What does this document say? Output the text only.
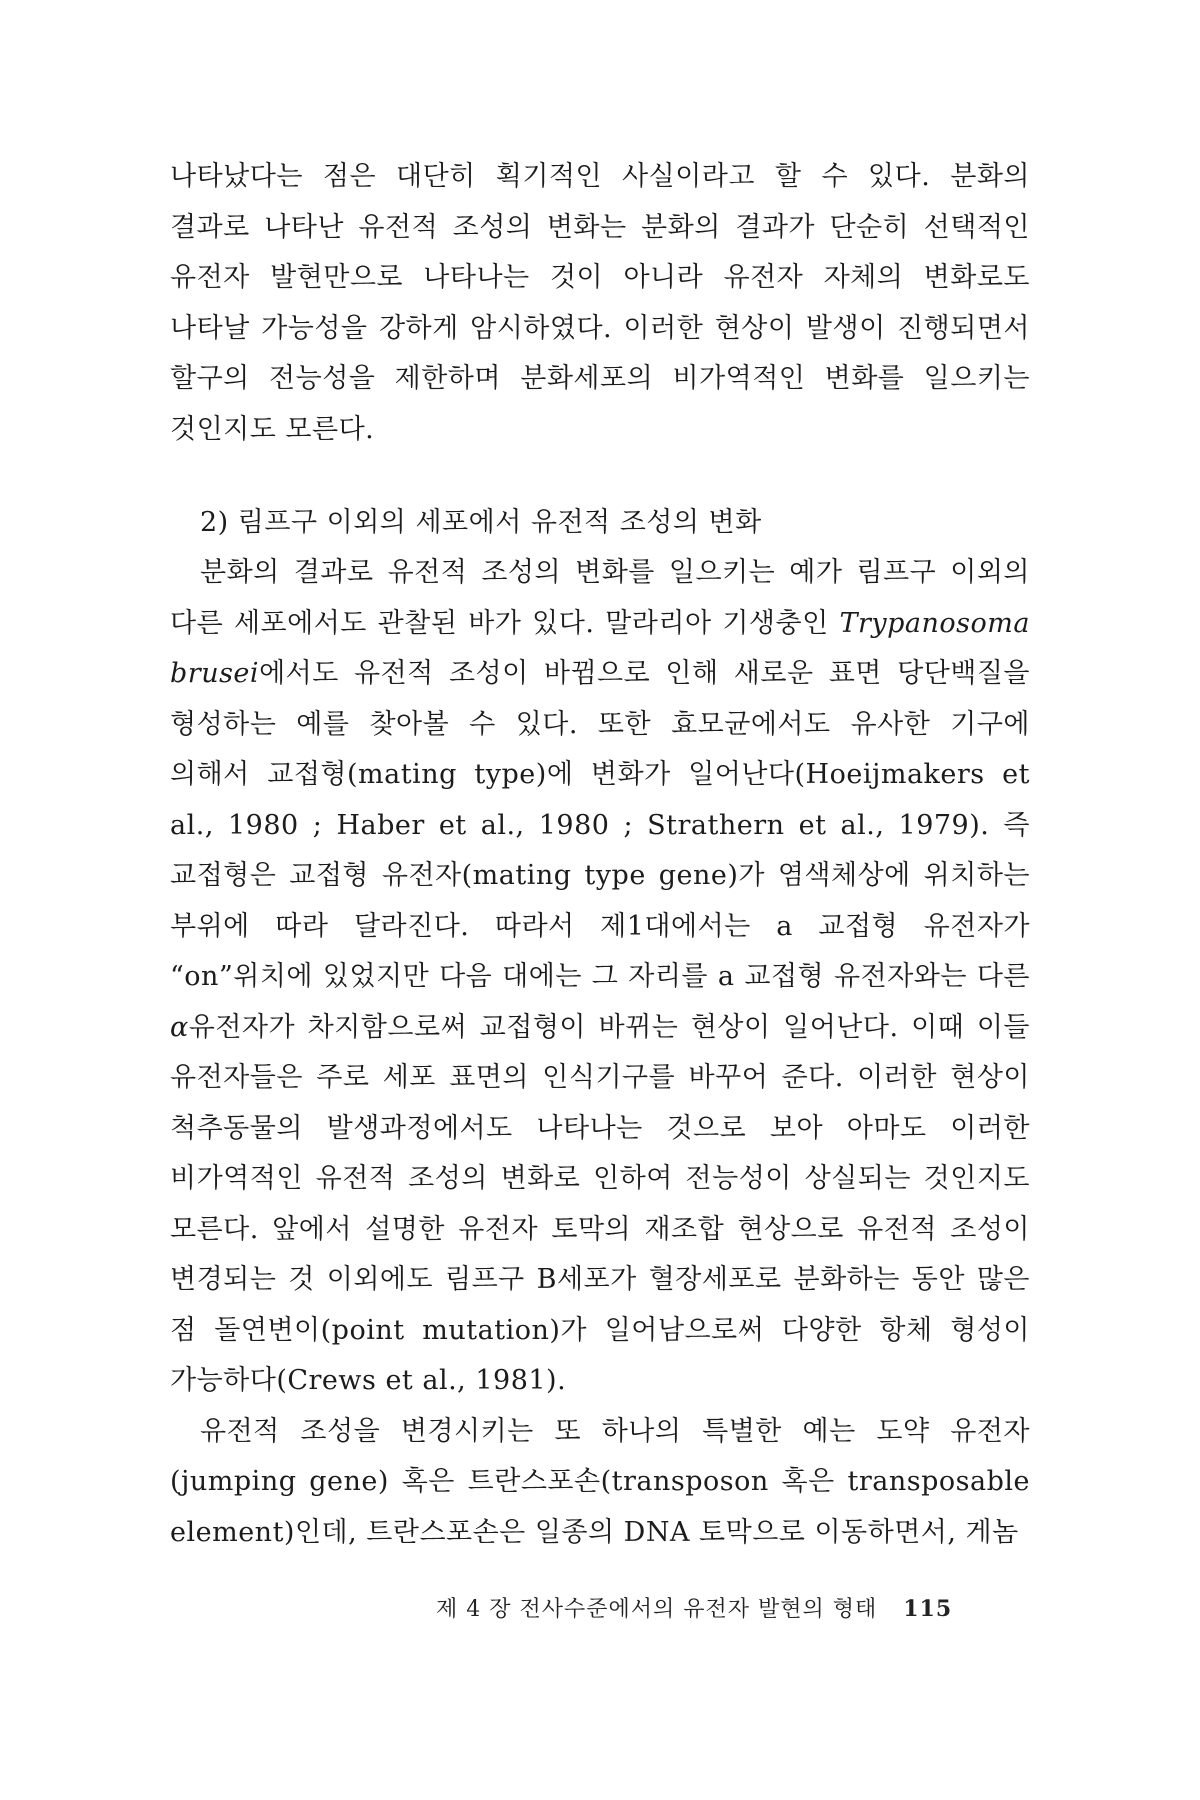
나타났다는 점은 대단히 획기적인 사실이라고 할 수 있다. 분화의 결과로 나타난 유전적 조성의 변화는 분화의 결과가 단순히 선택적인 유전자 발현만으로 나타나는 것이 아니라 유전자 자체의 변화로도 나타날 가능성을 강하게 암시하였다. 이러한 현상이 발생이 진행되면서 할구의 전능성을 제한하며 분화세포의 비가역적인 변화를 일으키는 것인지도 모른다.
2) 림프구 이외의 세포에서 유전적 조성의 변화
분화의 결과로 유전적 조성의 변화를 일으키는 예가 림프구 이외의 다른 세포에서도 관찰된 바가 있다. 말라리아 기생충인 Trypanosoma brusei에서도 유전적 조성이 바뀜으로 인해 새로운 표면 당단백질을 형성하는 예를 찾아볼 수 있다. 또한 효모균에서도 유사한 기구에 의해서 교접형(mating type)에 변화가 일어난다(Hoeijmakers et al., 1980 ; Haber et al., 1980 ; Strathern et al., 1979). 즉 교접형은 교접형 유전자(mating type gene)가 염색체상에 위치하는 부위에 따라 달라진다. 따라서 제1대에서는 a 교접형 유전자가 “on”위치에 있었지만 다음 대에는 그 자리를 a 교접형 유전자와는 다른 α유전자가 차지함으로써 교접형이 바뀌는 현상이 일어난다. 이때 이들 유전자들은 주로 세포 표면의 인식기구를 바꾸어 준다. 이러한 현상이 척추동물의 발생과정에서도 나타나는 것으로 보아 아마도 이러한 비가역적인 유전적 조성의 변화로 인하여 전능성이 상실되는 것인지도 모른다. 앞에서 설명한 유전자 토막의 재조합 현상으로 유전적 조성이 변경되는 것 이외에도 림프구 B세포가 혈장세포로 분화하는 동안 많은 점 돌연변이(point mutation)가 일어남으로써 다양한 항체 형성이 가능하다(Crews et al., 1981).
유전적 조성을 변경시키는 또 하나의 특별한 예는 도약 유전자(jumping gene) 혹은 트란스포손(transposon 혹은 transposable element)인데, 트란스포손은 일종의 DNA 토막으로 이동하면서, 게놈
제 4 장 전사수준에서의 유전자 발현의 형태 115
